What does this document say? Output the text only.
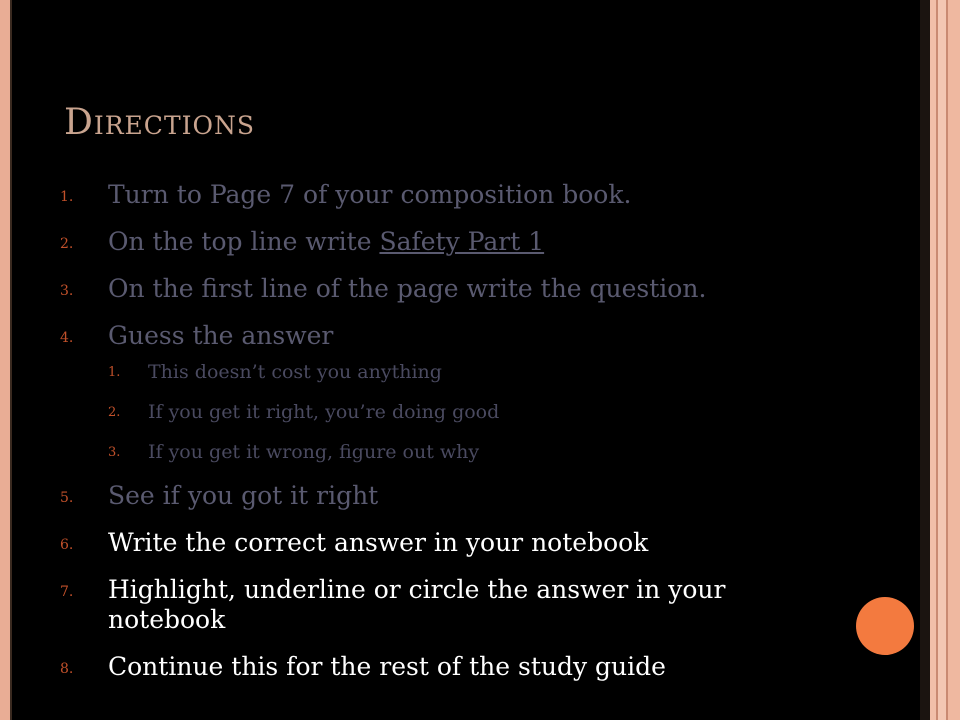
Directions
1. Turn to Page 7 of your composition book.
2. On the top line write Safety Part 1
3. On the first line of the page write the question.
4. Guess the answer
1. This doesn’t cost you anything
2. If you get it right, you’re doing good
3. If you get it wrong, figure out why
5. See if you got it right
6. Write the correct answer in your notebook
7. Highlight, underline or circle the answer in your notebook
8. Continue this for the rest of the study guide
